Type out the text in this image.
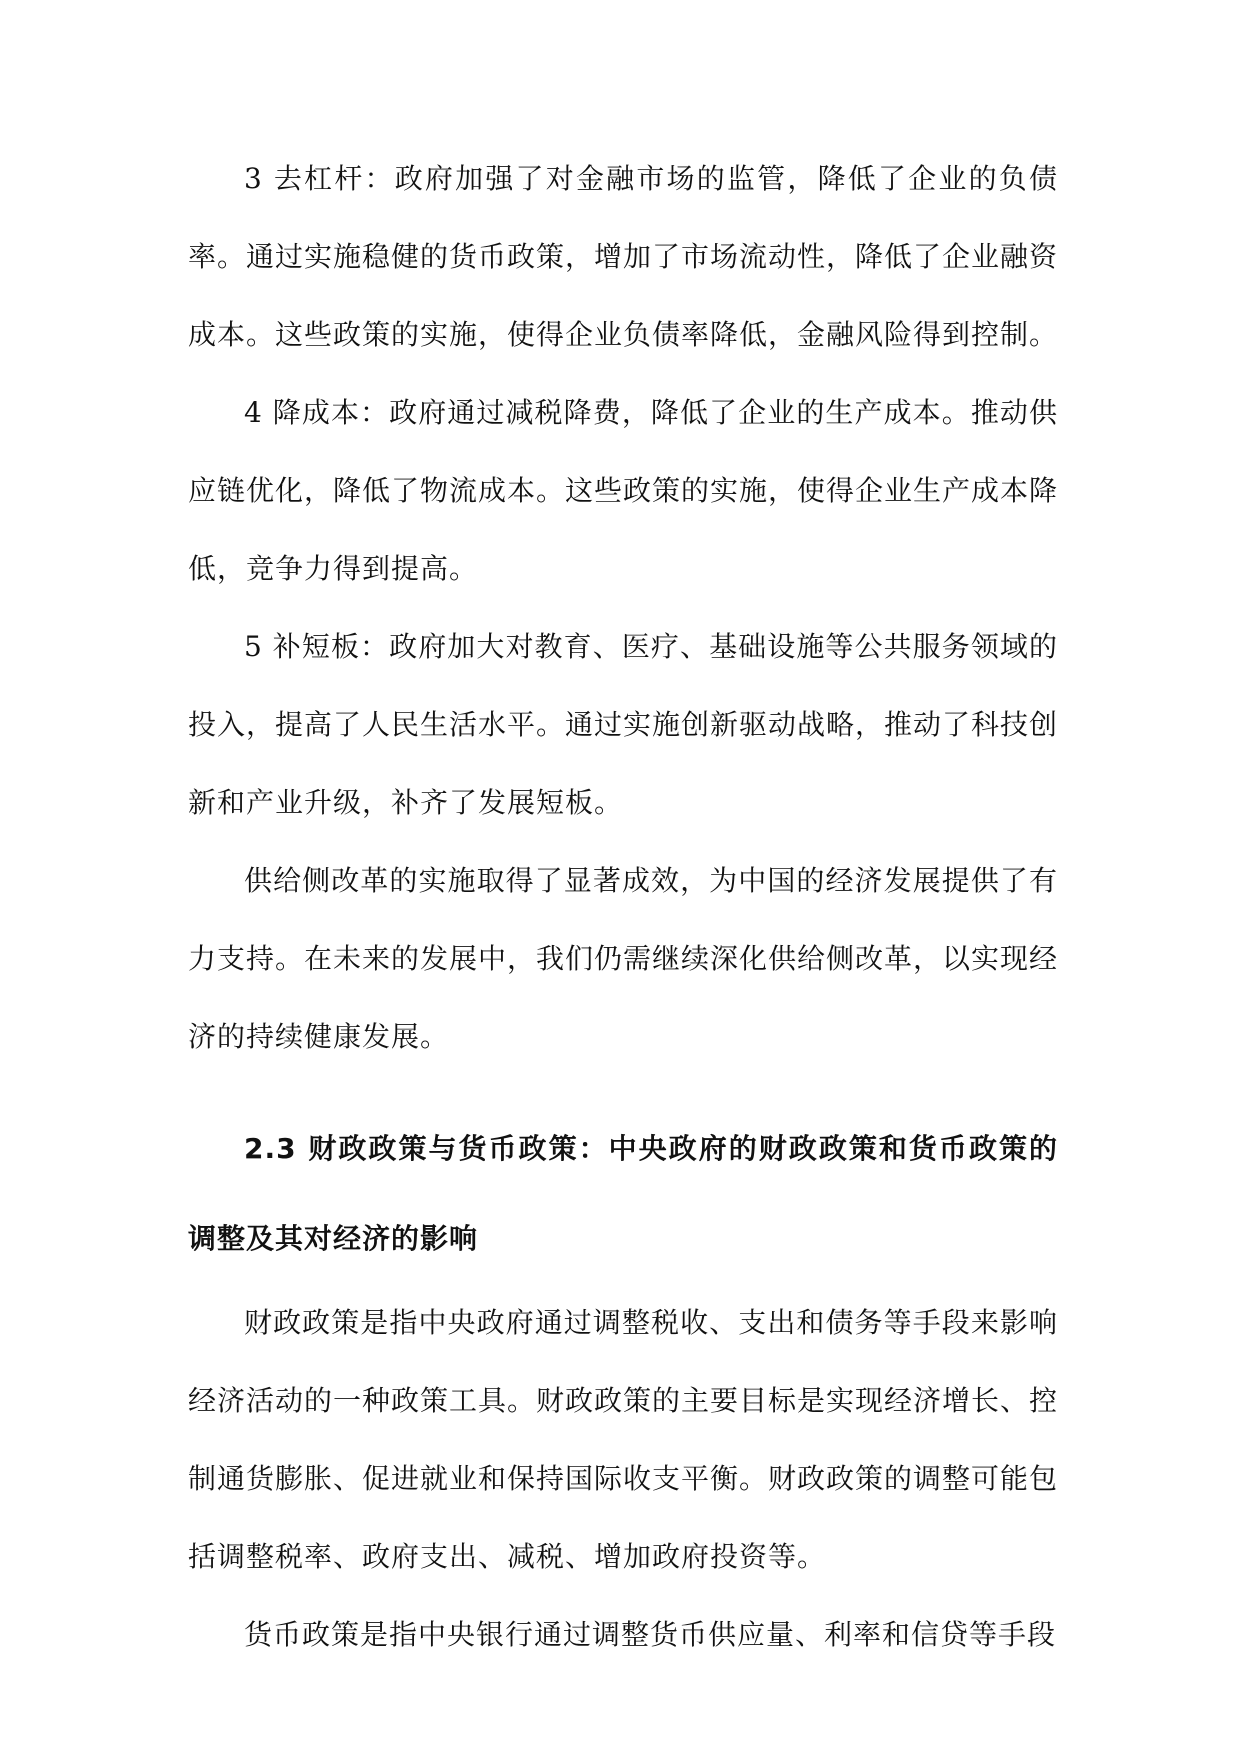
3 去杠杆：政府加强了对金融市场的监管，降低了企业的负债率。通过实施稳健的货币政策，增加了市场流动性，降低了企业融资成本。这些政策的实施，使得企业负债率降低，金融风险得到控制。

4 降成本：政府通过减税降费，降低了企业的生产成本。推动供应链优化，降低了物流成本。这些政策的实施，使得企业生产成本降低，竞争力得到提高。

5 补短板：政府加大对教育、医疗、基础设施等公共服务领域的投入，提高了人民生活水平。通过实施创新驱动战略，推动了科技创新和产业升级，补齐了发展短板。

供给侧改革的实施取得了显著成效，为中国的经济发展提供了有力支持。在未来的发展中，我们仍需继续深化供给侧改革，以实现经济的持续健康发展。

2.3 财政政策与货币政策：中央政府的财政政策和货币政策的调整及其对经济的影响

财政政策是指中央政府通过调整税收、支出和债务等手段来影响经济活动的一种政策工具。财政政策的主要目标是实现经济增长、控制通货膨胀、促进就业和保持国际收支平衡。财政政策的调整可能包括调整税率、政府支出、减税、增加政府投资等。

货币政策是指中央银行通过调整货币供应量、利率和信贷等手段
